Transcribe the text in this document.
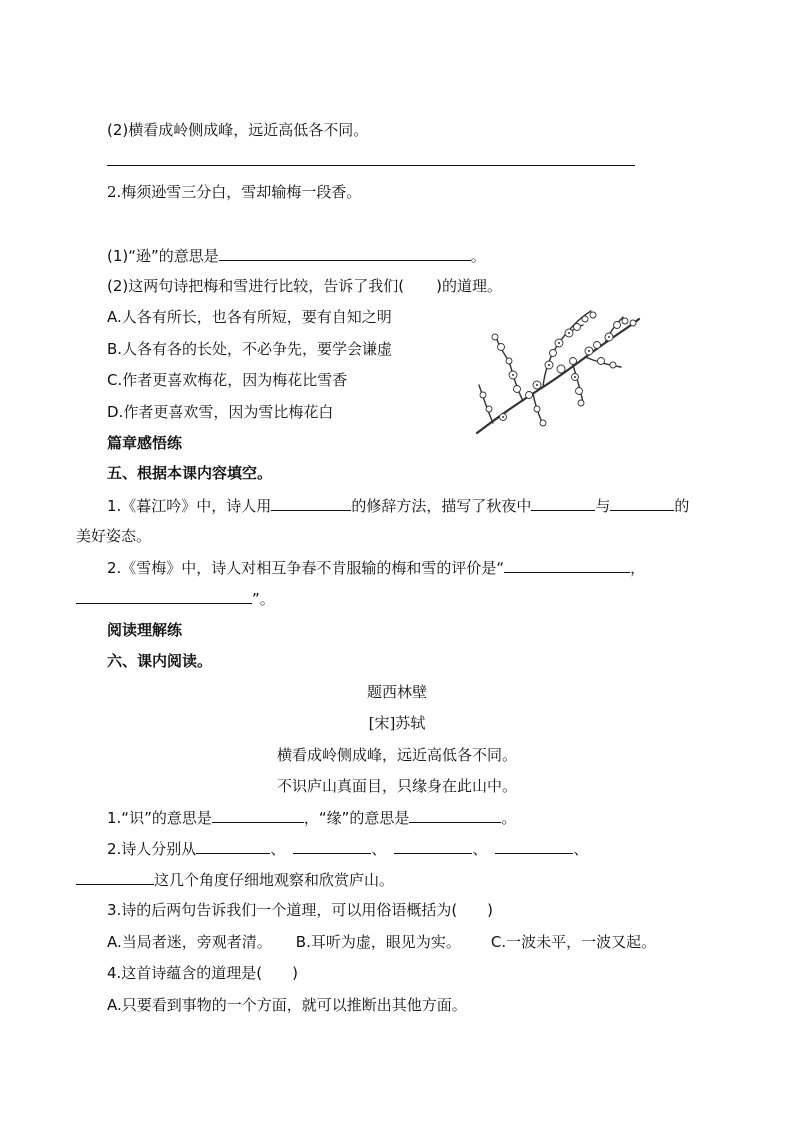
(2)横看成岭侧成峰，远近高低各不同。
2.梅须逊雪三分白，雪却输梅一段香。
(1)“逊”的意思是	。
(2)这两句诗把梅和雪进行比较，告诉了我们( )的道理。
A.人各有所长，也各有所短，要有自知之明
B.人各有各的长处，不必争先，要学会谦虚
C.作者更喜欢梅花，因为梅花比雪香
D.作者更喜欢雪，因为雪比梅花白
篇章感悟练
五、根据本课内容填空。
1.《暮江吟》中，诗人用	的修辞方法，描写了秋夜中	与	的
美好姿态。
2.《雪梅》中，诗人对相互争春不肯服输的梅和雪的评价是“	，
”。
阅读理解练
六、课内阅读。
题西林壁
[宋]苏轼
横看成岭侧成峰，远近高低各不同。
不识庐山真面目，只缘身在此山中。
1.“识”的意思是	，“缘”的意思是	。
2.诗人分别从	、	、	、	、
这几个角度仔细地观察和欣赏庐山。
3.诗的后两句告诉我们一个道理，可以用俗语概括为(　　)
A.当局者迷，旁观者清。 B.耳听为虚，眼见为实。 C.一波未平，一波又起。
4.这首诗蕴含的道理是(　　)
A.只要看到事物的一个方面，就可以推断出其他方面。
